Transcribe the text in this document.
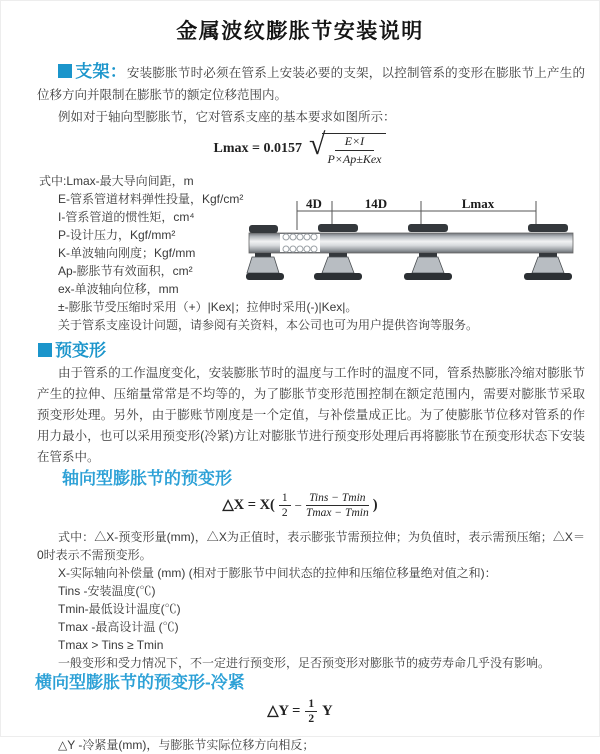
金属波纹膨胀节安装说明

支架：安装膨胀节时必须在管系上安装必要的支架，以控制管系的变形在膨胀节上产生的位移方向并限制在膨胀节的额定位移范围内。

例如对于轴向型膨胀节，它对管系支座的基本要求如图所示：

Lmax = 0.0157 √	E×I
P×Ap±Kex
式中:Lmax-最大导向间距，m
E-管系管道材料弹性投量，Kgf/cm²
I-管系管道的惯性矩，cm⁴
P-设计压力，Kgf/mm²
K-单波轴向刚度；Kgf/mm
Ap-膨胀节有效面积，cm²
ex-单波轴向位移，mm
±-膨胀节受压缩时采用（+）|Kex|；拉伸时采用(-)|Kex|。
关于管系支座设计问题，请参阅有关资料，本公司也可为用户提供咨询等服务。
4D	14D	Lmax
预变形

由于管系的工作温度变化，安装膨胀节时的温度与工作时的温度不同，管系热膨胀冷缩对膨胀节产生的拉伸、压缩量常常是不均等的，为了膨胀节变形范围控制在额定范围内，需要对膨胀节采取预变形处理。另外，由于膨账节刚度是一个定值，与补偿量成正比。为了使膨胀节位移对管系的作用力最小，也可以采用预变形(冷紧)方让对膨胀节进行预变形处理后再将膨胀节在预变形状态下安装在管系中。

轴向型膨胀节的预变形
△X = X( 1
2
− Tins − Tmin
Tmax − Tmin )

式中：△X-预变形量(mm)，△X为正值时，表示膨张节需预拉伸；为负值时，表示需预压缩；△X＝0时表示不需预变形。

X-实际轴向补偿量 (mm) (相对于膨胀节中间状态的拉伸和压缩位移量绝对值之和)：
Tins -安装温度(℃)
Tmin-最低设计温度(℃)
Tmax -最高设计温 (℃)
Tmax > Tins ≥ Tmin
一般变形和受力情况下，不一定进行预变形，足否预变形对膨胀节的疲劳寿命几乎没有影响。
横向型膨胀节的预变形-冷紧
△Y = $\frac{1}{2}$ Y
△Y -冷紧量(mm)，与膨胀节实际位移方向相反；
